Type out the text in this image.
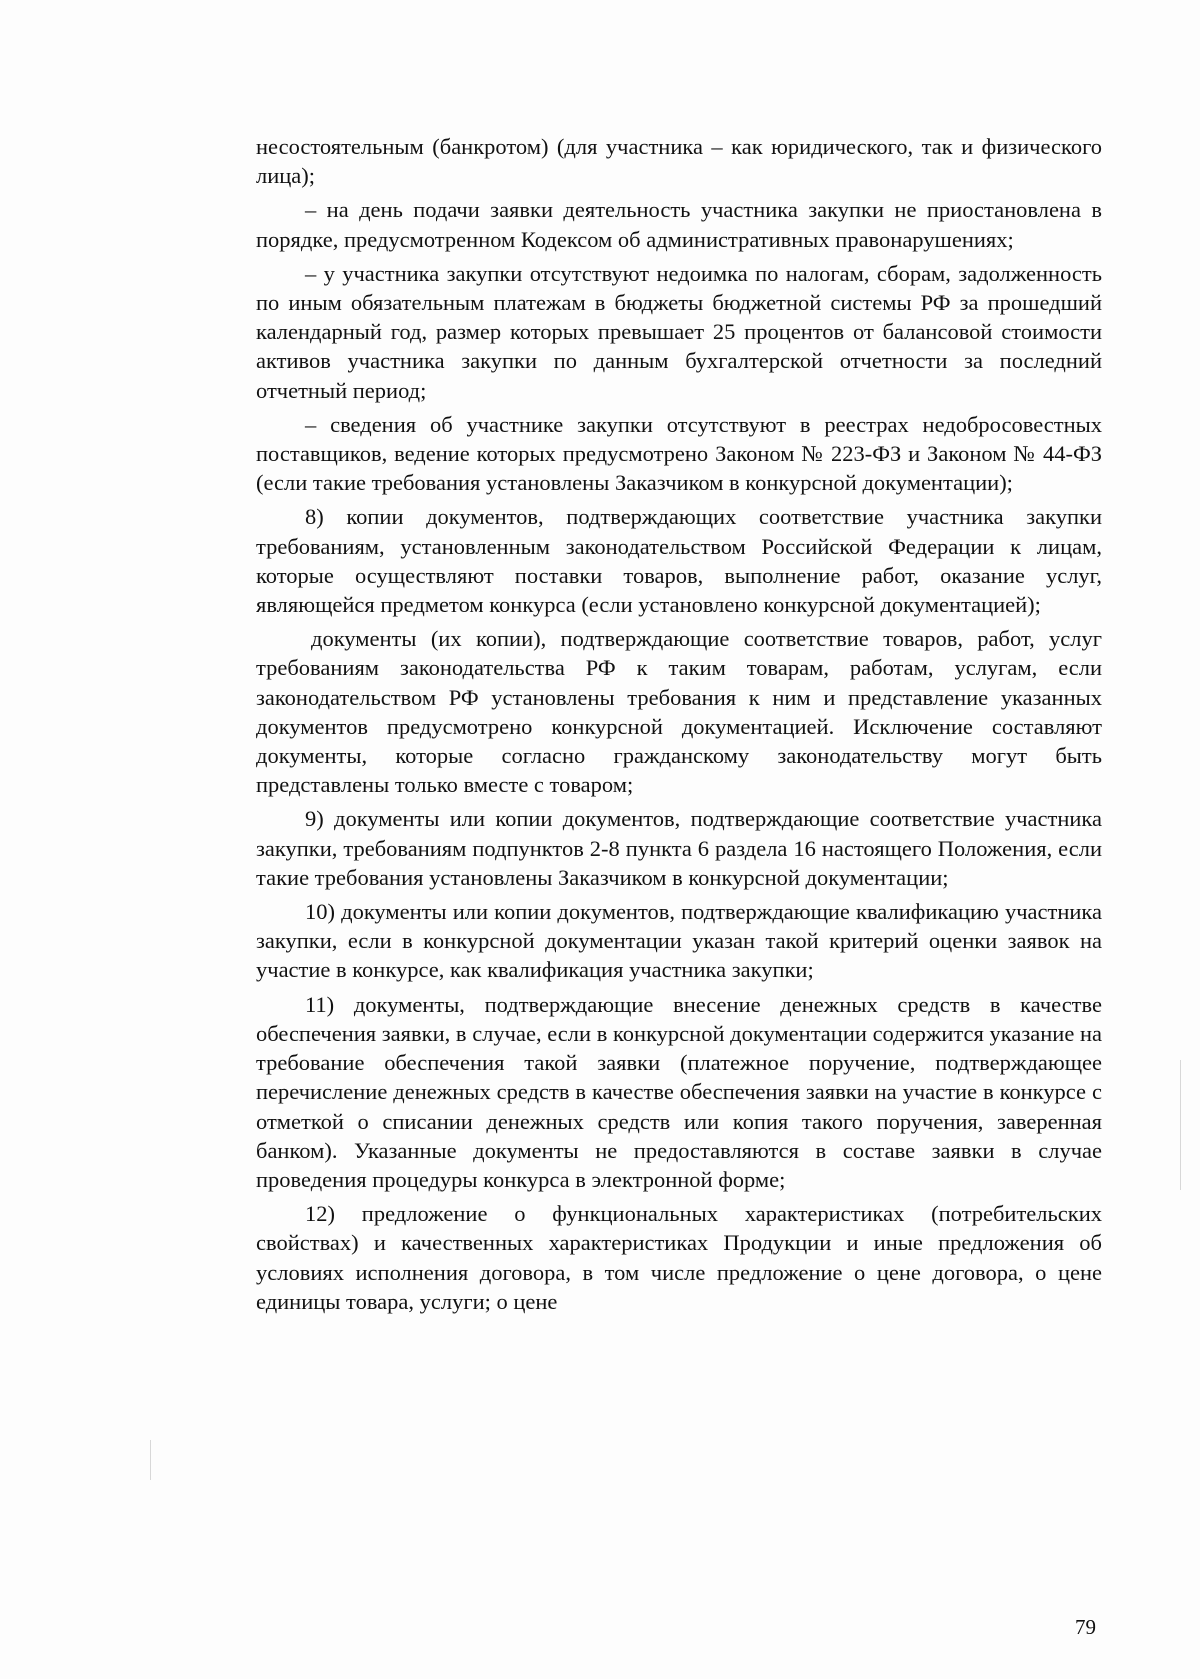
несостоятельным (банкротом) (для участника – как юридического, так и физического лица);

– на день подачи заявки деятельность участника закупки не приостановлена в порядке, предусмотренном Кодексом об административных правонарушениях;

– у участника закупки отсутствуют недоимка по налогам, сборам, задолженность по иным обязательным платежам в бюджеты бюджетной системы РФ за прошедший календарный год, размер которых превышает 25 процентов от балансовой стоимости активов участника закупки по данным бухгалтерской отчетности за последний отчетный период;

– сведения об участнике закупки отсутствуют в реестрах недобросовестных поставщиков, ведение которых предусмотрено Законом № 223-ФЗ и Законом № 44-ФЗ (если такие требования установлены Заказчиком в конкурсной документации);

8) копии документов, подтверждающих соответствие участника закупки требованиям, установленным законодательством Российской Федерации к лицам, которые осуществляют поставки товаров, выполнение работ, оказание услуг, являющейся предметом конкурса (если установлено конкурсной документацией);

документы (их копии), подтверждающие соответствие товаров, работ, услуг требованиям законодательства РФ к таким товарам, работам, услугам, если законодательством РФ установлены требования к ним и представление указанных документов предусмотрено конкурсной документацией. Исключение составляют документы, которые согласно гражданскому законодательству могут быть представлены только вместе с товаром;

9) документы или копии документов, подтверждающие соответствие участника закупки, требованиям подпунктов 2-8 пункта 6 раздела 16 настоящего Положения, если такие требования установлены Заказчиком в конкурсной документации;

10) документы или копии документов, подтверждающие квалификацию участника закупки, если в конкурсной документации указан такой критерий оценки заявок на участие в конкурсе, как квалификация участника закупки;

11) документы, подтверждающие внесение денежных средств в качестве обеспечения заявки, в случае, если в конкурсной документации содержится указание на требование обеспечения такой заявки (платежное поручение, подтверждающее перечисление денежных средств в качестве обеспечения заявки на участие в конкурсе с отметкой о списании денежных средств или копия такого поручения, заверенная банком). Указанные документы не предоставляются в составе заявки в случае проведения процедуры конкурса в электронной форме;

12) предложение о функциональных характеристиках (потребительских свойствах) и качественных характеристиках Продукции и иные предложения об условиях исполнения договора, в том числе предложение о цене договора, о цене единицы товара, услуги; о цене

79
